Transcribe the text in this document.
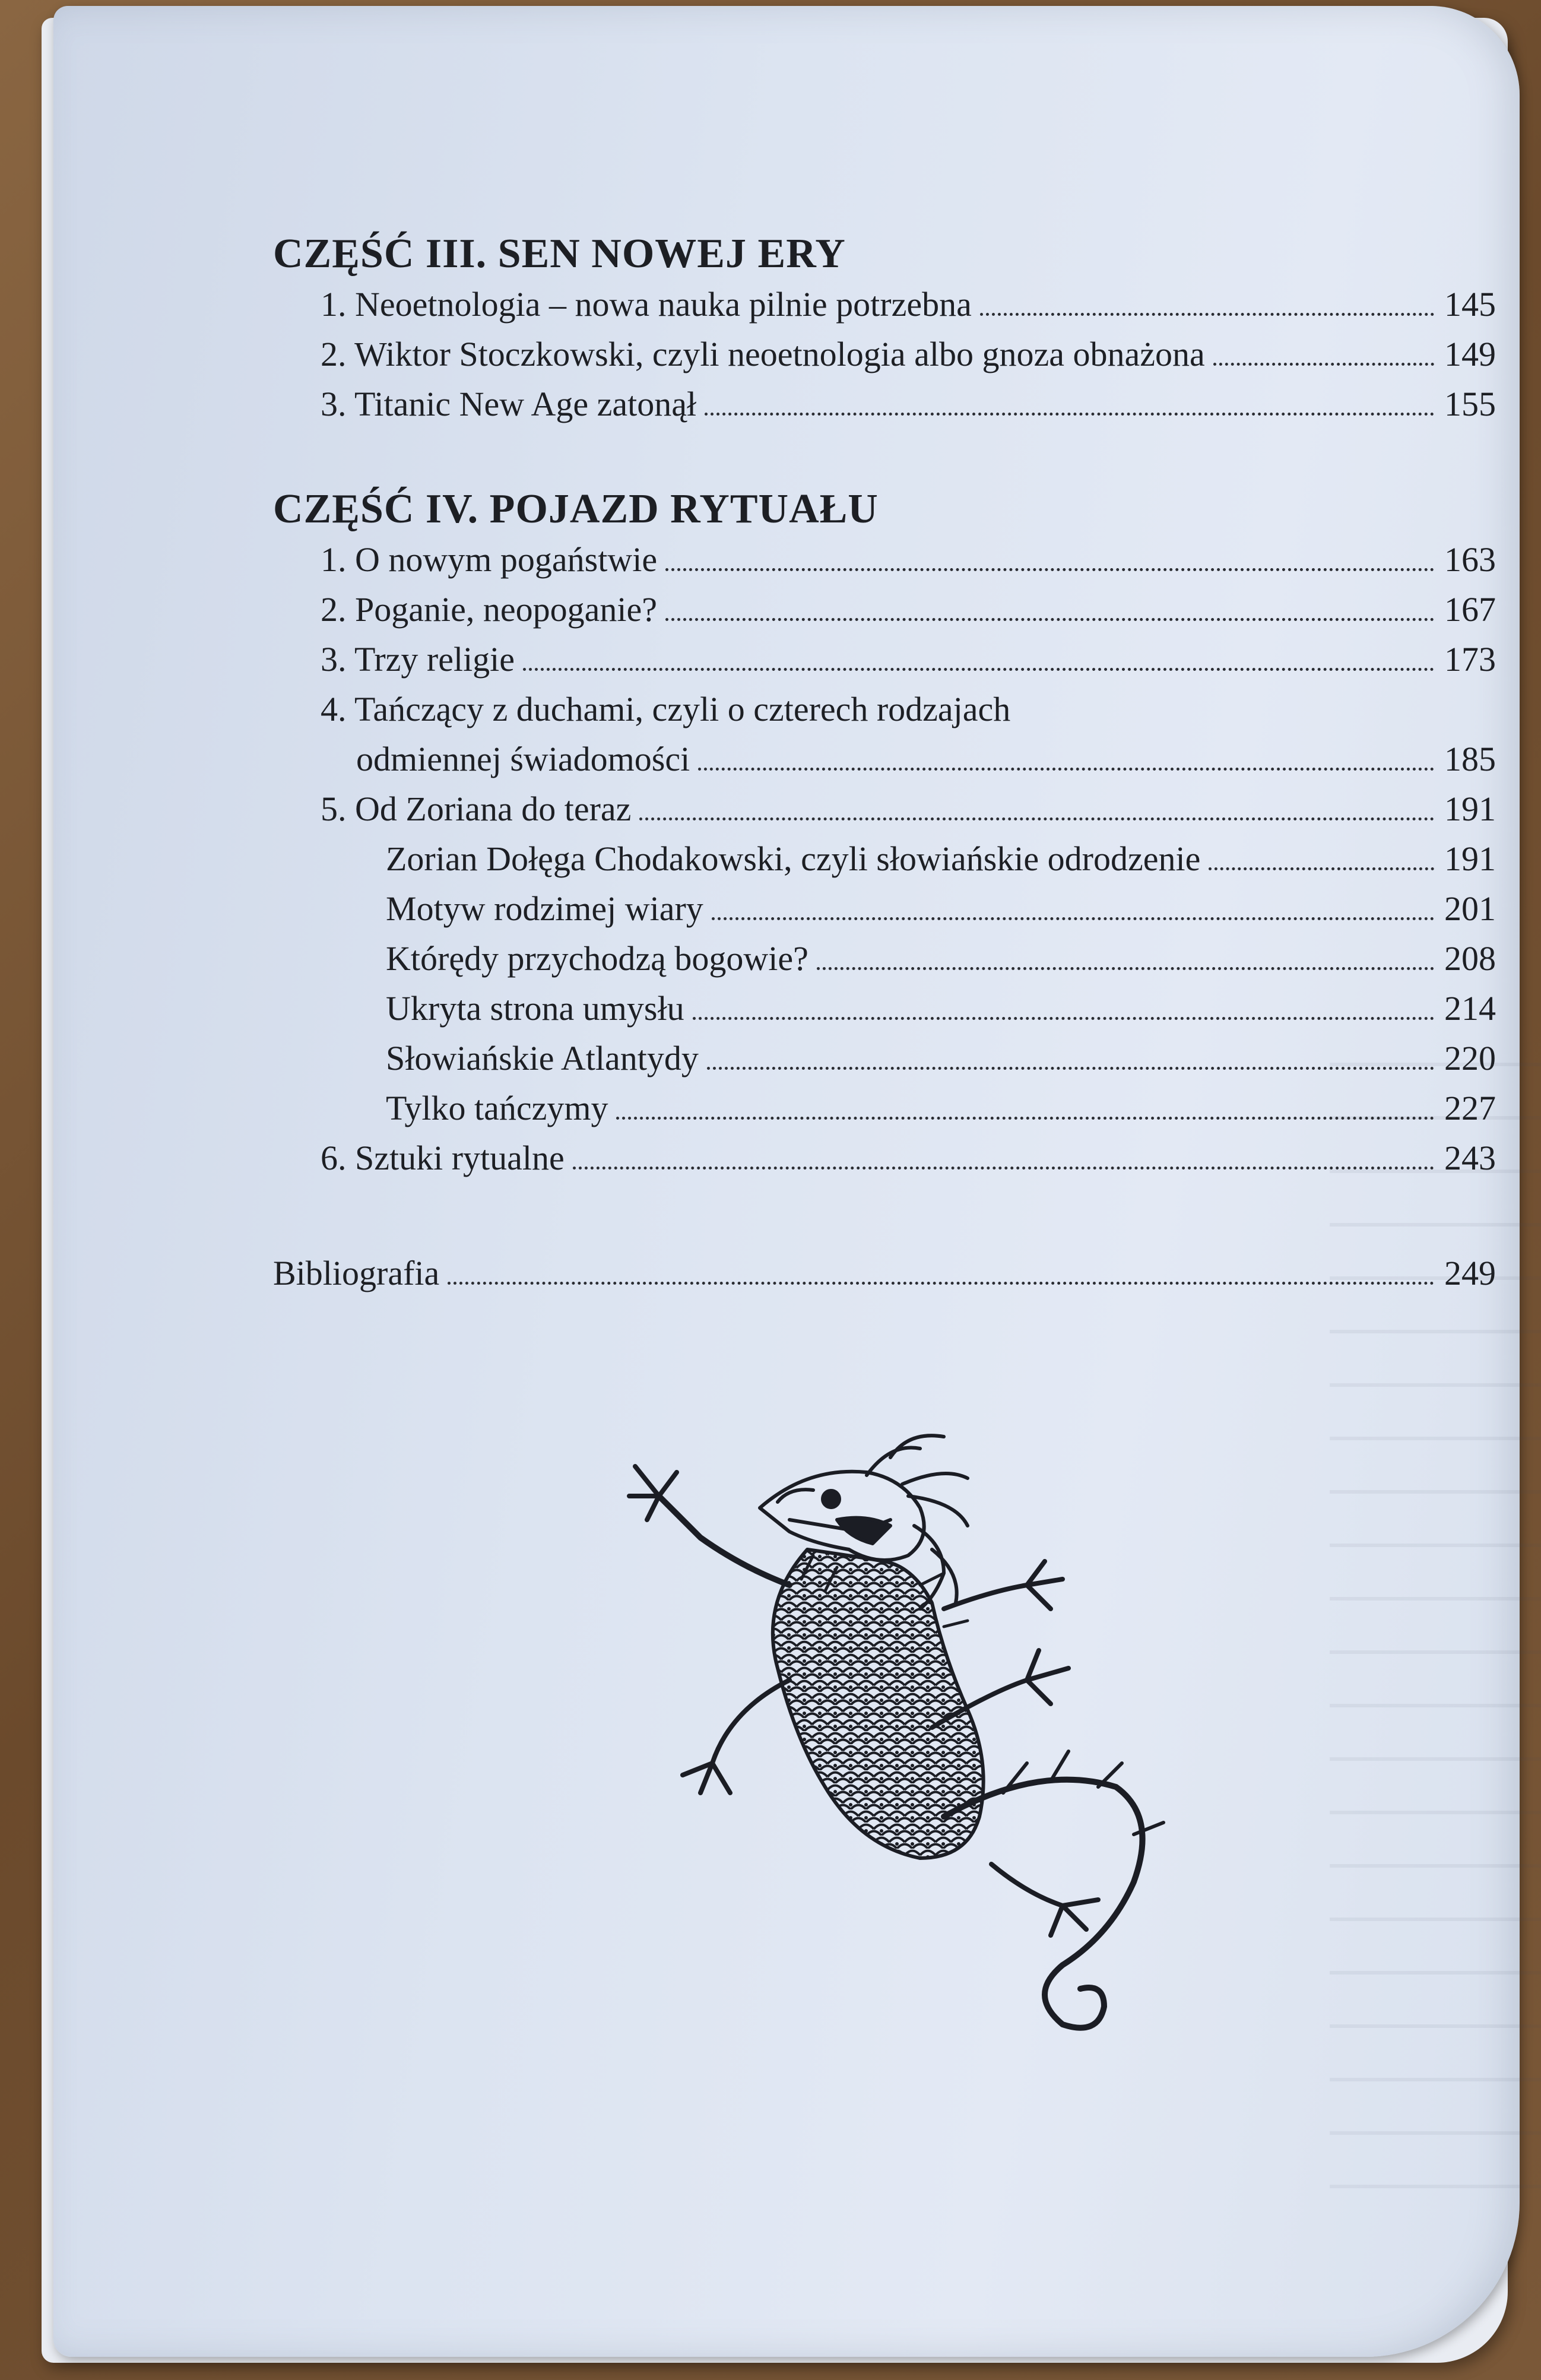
CZĘŚĆ III. SEN NOWEJ ERY
1. Neoetnologia – nowa nauka pilnie potrzebna	145
2. Wiktor Stoczkowski, czyli neoetnologia albo gnoza obnażona	149
3. Titanic New Age zatonął	155
CZĘŚĆ IV. POJAZD RYTUAŁU
1. O nowym pogaństwie	163
2. Poganie, neopoganie?	167
3. Trzy religie	173
4. Tańczący z duchami, czyli o czterech rodzajach
odmiennej świadomości	185
5. Od Zoriana do teraz	191
Zorian Dołęga Chodakowski, czyli słowiańskie odrodzenie	191
Motyw rodzimej wiary	201
Którędy przychodzą bogowie?	208
Ukryta strona umysłu	214
Słowiańskie Atlantydy	220
Tylko tańczymy	227
6. Sztuki rytualne	243
Bibliografia	249
